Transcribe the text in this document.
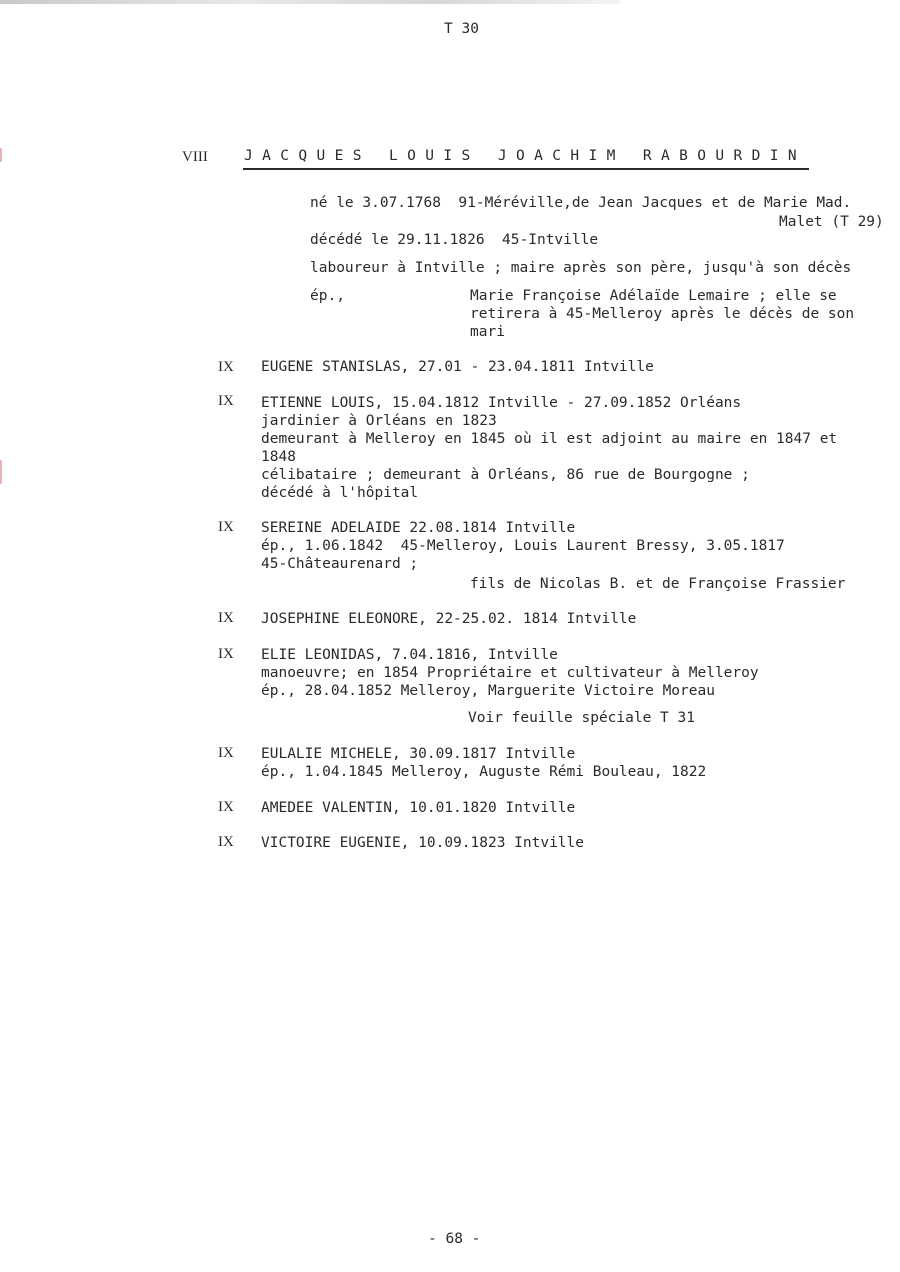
T 30
VIII JACQUES LOUIS JOACHIM RABOURDIN
né le 3.07.1768  91-Méréville,de Jean Jacques et de Marie Mad.
Malet (T 29)
décédé le 29.11.1826  45-Intville
laboureur à Intville ; maire après son père, jusqu'à son décès
ép.,	Marie Françoise Adélaïde Lemaire ; elle se
retirera à 45-Melleroy après le décès de son
mari
IX EUGENE STANISLAS, 27.01 - 23.04.1811 Intville
IX ETIENNE LOUIS, 15.04.1812 Intville - 27.09.1852 Orléans
jardinier à Orléans en 1823
demeurant à Melleroy en 1845 où il est adjoint au maire en 1847 et
1848
célibataire ; demeurant à Orléans, 86 rue de Bourgogne ;
décédé à l'hôpital
IX SEREINE ADELAIDE 22.08.1814 Intville
ép., 1.06.1842  45-Melleroy, Louis Laurent Bressy, 3.05.1817
45-Châteaurenard ;
fils de Nicolas B. et de Françoise Frassier
IX JOSEPHINE ELEONORE, 22-25.02. 1814 Intville
IX ELIE LEONIDAS, 7.04.1816, Intville
manoeuvre; en 1854 Propriétaire et cultivateur à Melleroy
ép., 28.04.1852 Melleroy, Marguerite Victoire Moreau
Voir feuille spéciale T 31
IX EULALIE MICHELE, 30.09.1817 Intville
ép., 1.04.1845 Melleroy, Auguste Rémi Bouleau, 1822
IX AMEDEE VALENTIN, 10.01.1820 Intville
IX VICTOIRE EUGENIE, 10.09.1823 Intville
- 68 -
